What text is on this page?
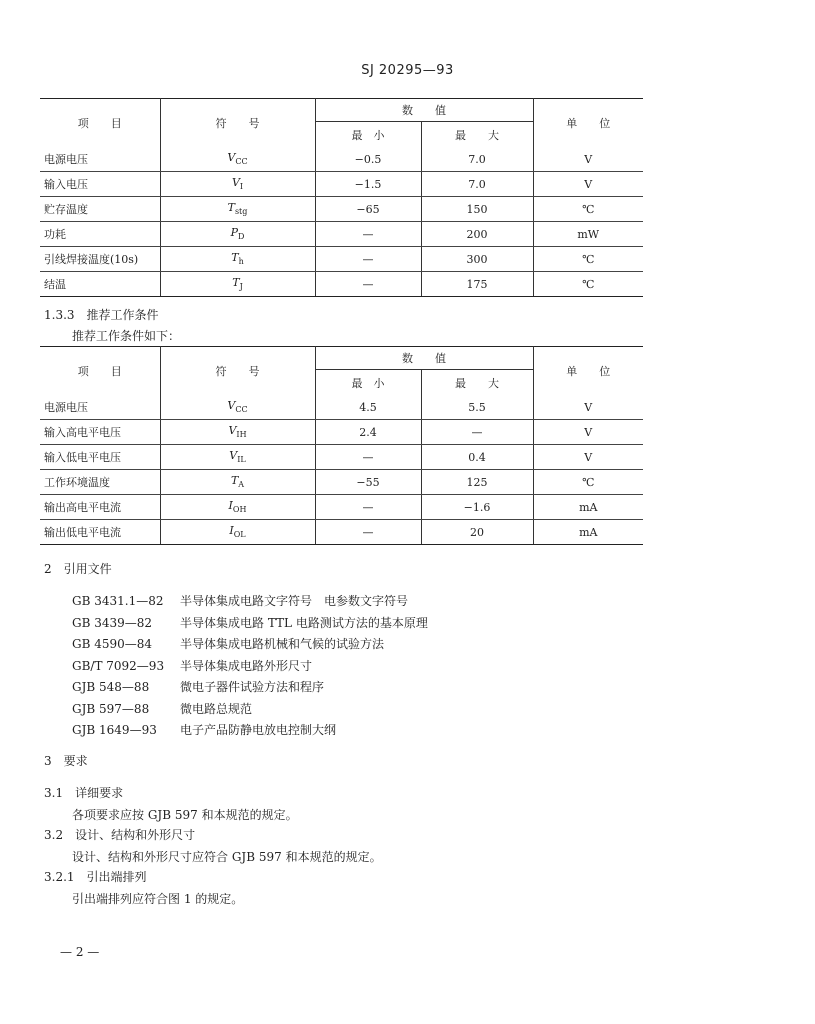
SJ 20295—93
项　　目	符　　号	数　　值		单　　位
		最　小	最　　大	
电源电压	$V_{CC}$	−0.5	7.0	V
输入电压	$V_I$	−1.5	7.0	V
贮存温度	$T_{stg}$	−65	150	℃
功耗	$P_D$	—	200	mW
引线焊接温度(10s)	$T_h$	—	300	℃
结温	$T_J$	—	175	℃
1.3.3　推荐工作条件
推荐工作条件如下：
项　　目	符　　号	数　　值		单　　位
		最　小	最　　大	
电源电压	$V_{CC}$	4.5	5.5	V
输入高电平电压	$V_{IH}$	2.4	—	V
输入低电平电压	$V_{IL}$	—	0.4	V
工作环境温度	$T_A$	−55	125	℃
输出高电平电流	$I_{OH}$	—	−1.6	mA
输出低电平电流	$I_{OL}$	—	20	mA
2　引用文件
GB 3431.1—82 半导体集成电路文字符号　电参数文字符号
GB 3439—82 半导体集成电路 TTL 电路测试方法的基本原理
GB 4590—84 半导体集成电路机械和气候的试验方法
GB/T 7092—93 半导体集成电路外形尺寸
GJB 548—88	微电子器件试验方法和程序
GJB 597—88	微电路总规范
GJB 1649—93 电子产品防静电放电控制大纲
3　要求
3.1　详细要求
各项要求应按 GJB 597 和本规范的规定。
3.2　设计、结构和外形尺寸
设计、结构和外形尺寸应符合 GJB 597 和本规范的规定。
3.2.1　引出端排列
引出端排列应符合图 1 的规定。
— 2 —
